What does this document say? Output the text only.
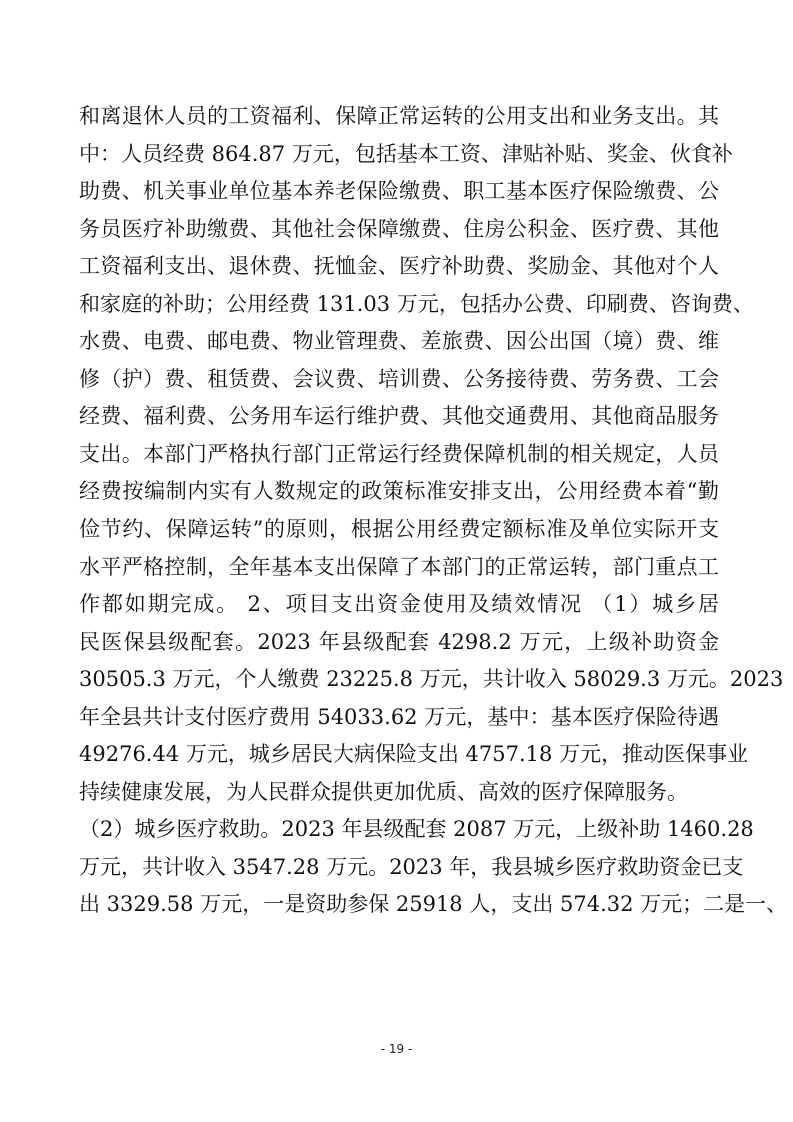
和离退休人员的工资福利、保障正常运转的公用支出和业务支出。其
中：人员经费 864.87 万元，包括基本工资、津贴补贴、奖金、伙食补
助费、机关事业单位基本养老保险缴费、职工基本医疗保险缴费、公
务员医疗补助缴费、其他社会保障缴费、住房公积金、医疗费、其他
工资福利支出、退休费、抚恤金、医疗补助费、奖励金、其他对个人
和家庭的补助；公用经费 131.03 万元，包括办公费、印刷费、咨询费、
水费、电费、邮电费、物业管理费、差旅费、因公出国（境）费、维
修（护）费、租赁费、会议费、培训费、公务接待费、劳务费、工会
经费、福利费、公务用车运行维护费、其他交通费用、其他商品服务
支出。本部门严格执行部门正常运行经费保障机制的相关规定，人员
经费按编制内实有人数规定的政策标准安排支出，公用经费本着“勤
俭节约、保障运转”的原则，根据公用经费定额标准及单位实际开支
水平严格控制，全年基本支出保障了本部门的正常运转，部门重点工
作都如期完成。 2、项目支出资金使用及绩效情况 （1）城乡居
民医保县级配套。2023 年县级配套 4298.2 万元，上级补助资金
30505.3 万元，个人缴费 23225.8 万元，共计收入 58029.3 万元。2023
年全县共计支付医疗费用 54033.62 万元，基中：基本医疗保险待遇
49276.44 万元，城乡居民大病保险支出 4757.18 万元，推动医保事业
持续健康发展，为人民群众提供更加优质、高效的医疗保障服务。
（2）城乡医疗救助。2023 年县级配套 2087 万元，上级补助 1460.28
万元，共计收入 3547.28 万元。2023 年，我县城乡医疗救助资金已支
出 3329.58 万元，一是资助参保 25918 人，支出 574.32 万元；二是一、
- 19 -
